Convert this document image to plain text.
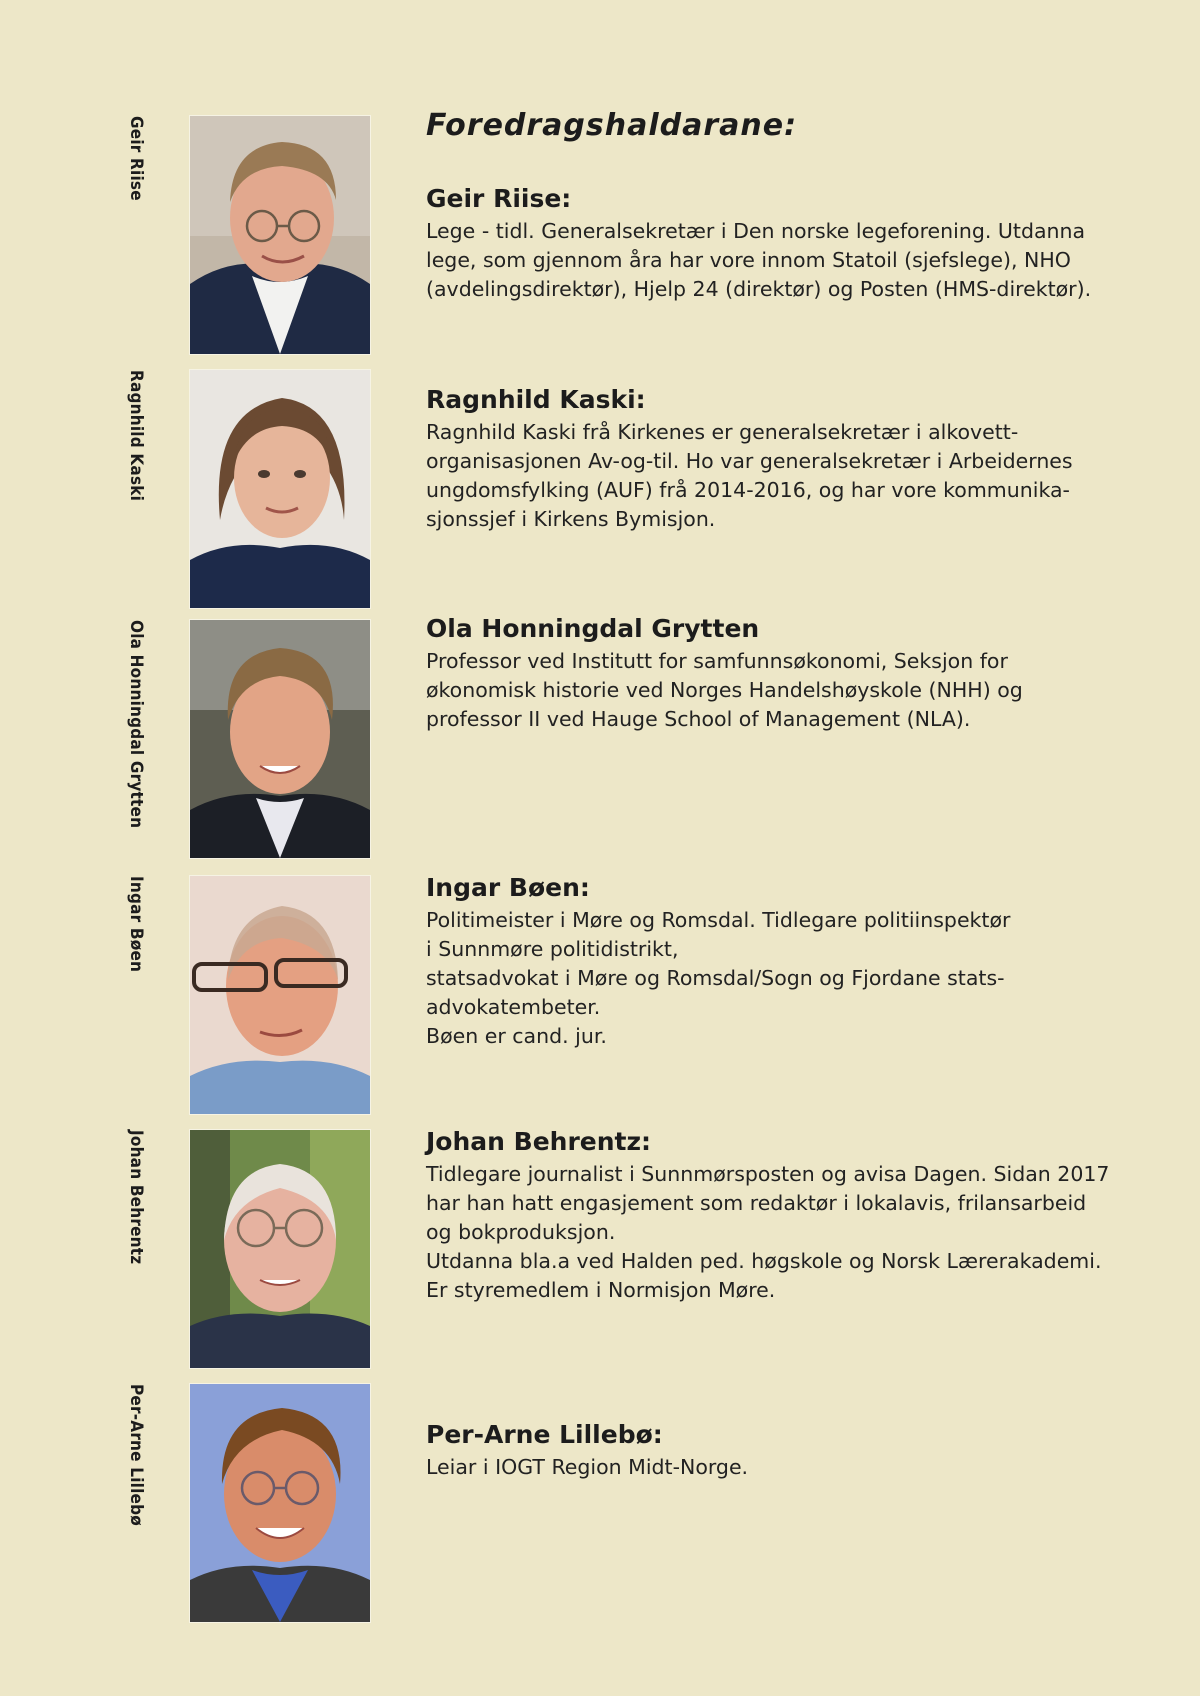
Foredragshaldarane:
Geir Riise	Geir Riise:

Lege - tidl. Generalsekretær i Den norske legeforening. Utdanna
lege, som gjennom åra har vore innom Statoil (sjefslege), NHO
(avdelingsdirektør), Hjelp 24 (direktør) og Posten (HMS-direktør).

Ragnhild Kaski	Ragnhild Kaski:

Ragnhild Kaski frå Kirkenes er generalsekretær i alkovett-
organisasjonen Av-og-til. Ho var generalsekretær i Arbeidernes
ungdomsfylking (AUF) frå 2014-2016, og har vore kommunika-
sjonssjef i Kirkens Bymisjon.

Ola Honningdal Grytten	Ola Honningdal Grytten

Professor ved Institutt for samfunnsøkonomi, Seksjon for
økonomisk historie ved Norges Handelshøyskole (NHH) og
professor II ved Hauge School of Management (NLA).

Ingar Bøen	Ingar Bøen:

Politimeister i Møre og Romsdal. Tidlegare politiinspektør
i Sunnmøre politidistrikt,
statsadvokat i Møre og Romsdal/Sogn og Fjordane stats-
advokatembeter.
Bøen er cand. jur.

Johan Behrentz	Johan Behrentz:

Tidlegare journalist i Sunnmørsposten og avisa Dagen. Sidan 2017
har han hatt engasjement som redaktør i lokalavis, frilansarbeid
og bokproduksjon.
Utdanna bla.a ved Halden ped. høgskole og Norsk Lærerakademi.
Er styremedlem i Normisjon Møre.

Per-Arne Lillebø	Per-Arne Lillebø:

Leiar i IOGT Region Midt-Norge.
